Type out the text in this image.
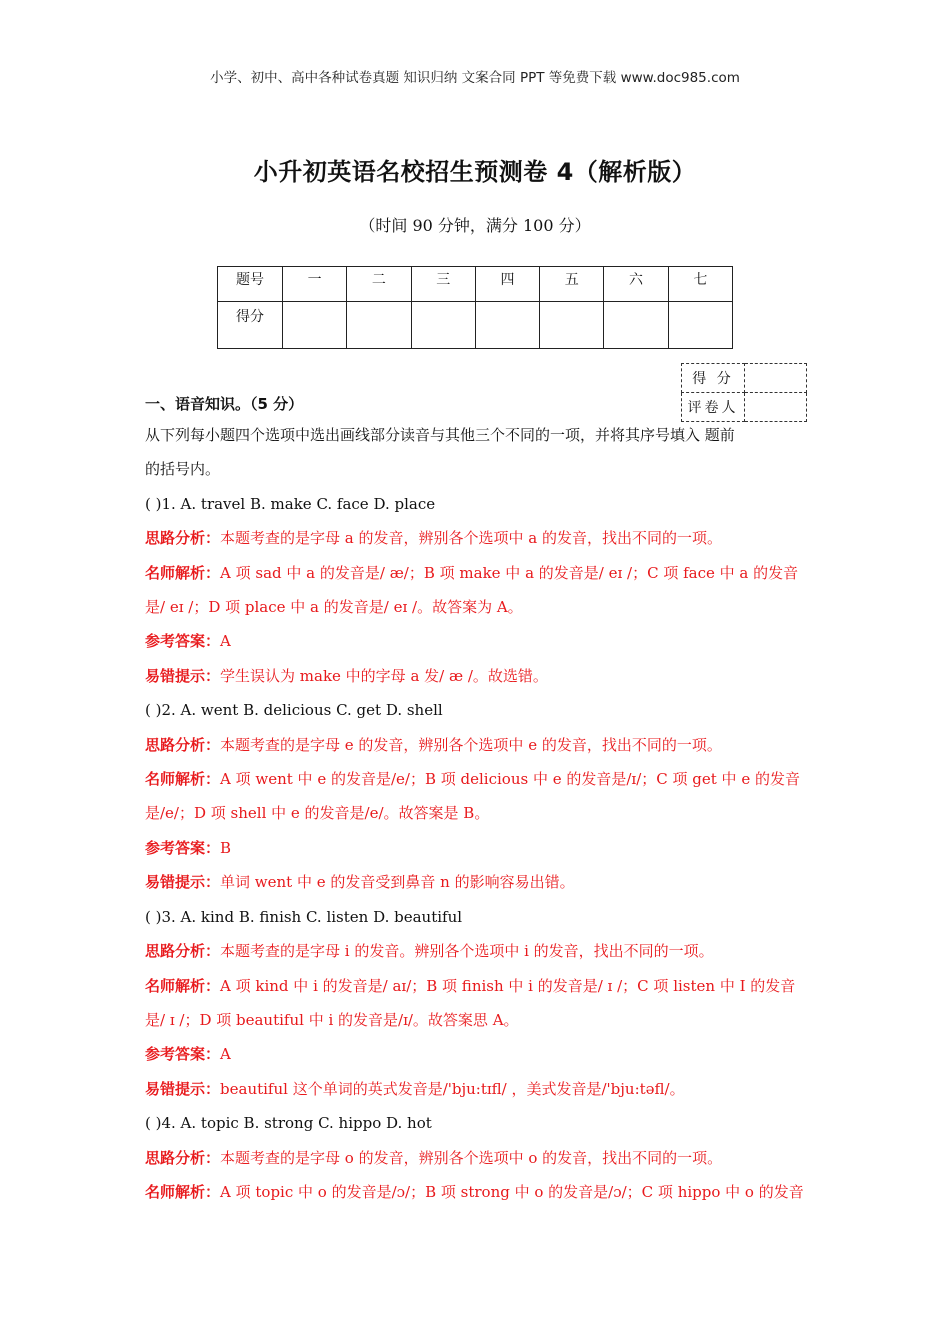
小学、初中、高中各种试卷真题 知识归纳 文案合同 PPT 等免费下载 www.doc985.com
小升初英语名校招生预测卷 4（解析版）
（时间 90 分钟，满分 100 分）
题号	一	二	三	四	五	六	七
得分							
得 分	
评卷人	
一、语音知识。（5 分）
从下列每小题四个选项中选出画线部分读音与其他三个不同的一项，并将其序号填入 题前
的括号内。
( )1. A. travel B. make C. face D. place
思路分析：本题考查的是字母 a 的发音，辨别各个选项中 a 的发音，找出不同的一项。
名师解析：A 项 sad 中 a 的发音是/ æ/；B 项 make 中 a 的发音是/ eɪ /；C 项 face 中 a 的发音
是/ eɪ /；D 项 place 中 a 的发音是/ eɪ /。故答案为 A。
参考答案：A
易错提示：学生误认为 make 中的字母 a 发/ æ /。故选错。
( )2. A. went B. delicious C. get D. shell
思路分析：本题考查的是字母 e 的发音，辨别各个选项中 e 的发音，找出不同的一项。
名师解析：A 项 went 中 e 的发音是/e/；B 项 delicious 中 e 的发音是/ɪ/；C 项 get 中 e 的发音
是/e/；D 项 shell 中 e 的发音是/e/。故答案是 B。
参考答案：B
易错提示：单词 went 中 e 的发音受到鼻音 n 的影响容易出错。
( )3. A. kind B. finish C. listen D. beautiful
思路分析：本题考查的是字母 i 的发音。辨别各个选项中 i 的发音，找出不同的一项。
名师解析：A 项 kind 中 i 的发音是/ aɪ/；B 项 finish 中 i 的发音是/ ɪ /；C 项 listen 中 I 的发音
是/ ɪ /；D 项 beautiful 中 i 的发音是/ɪ/。故答案思 A。
参考答案：A
易错提示：beautiful 这个单词的英式发音是/'bju:tɪfl/ ，美式发音是/'bju:təfl/。
( )4. A. topic B. strong C. hippo D. hot
思路分析：本题考查的是字母 o 的发音，辨别各个选项中 o 的发音，找出不同的一项。
名师解析：A 项 topic 中 o 的发音是/ɔ/；B 项 strong 中 o 的发音是/ɔ/；C 项 hippo 中 o 的发音
